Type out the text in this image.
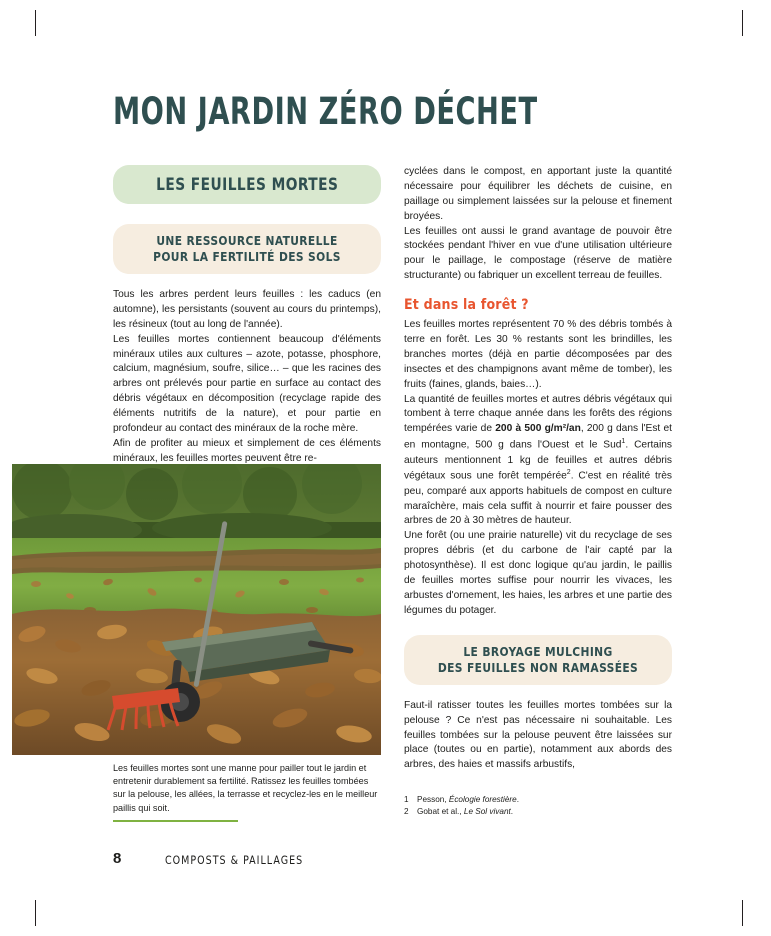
MON JARDIN ZÉRO DÉCHET
LES FEUILLES MORTES
UNE RESSOURCE NATURELLE
POUR LA FERTILITÉ DES SOLS

Tous les arbres perdent leurs feuilles : les caducs (en automne), les persistants (souvent au cours du printemps), les résineux (tout au long de l'année).

Les feuilles mortes contiennent beaucoup d'éléments minéraux utiles aux cultures – azote, potasse, phosphore, calcium, magnésium, soufre, silice… – que les racines des arbres ont prélevés pour partie en surface au contact des débris végétaux en décomposition (recyclage rapide des éléments nutritifs de la nature), et pour partie en profondeur au contact des minéraux de la roche mère.

Afin de profiter au mieux et simplement de ces éléments minéraux, les feuilles mortes peuvent être re-

Les feuilles mortes sont une manne pour pailler tout le jardin et entretenir durablement sa fertilité. Ratissez les feuilles tombées sur la pelouse, les allées, la terrasse et recyclez-les en le meilleur paillis qui soit.

cyclées dans le compost, en apportant juste la quantité nécessaire pour équilibrer les déchets de cuisine, en paillage ou simplement laissées sur la pelouse et finement broyées.

Les feuilles ont aussi le grand avantage de pouvoir être stockées pendant l'hiver en vue d'une utilisation ultérieure pour le paillage, le compostage (réserve de matière structurante) ou fabriquer un excellent terreau de feuilles.

Et dans la forêt ?

Les feuilles mortes représentent 70 % des débris tombés à terre en forêt. Les 30 % restants sont les brindilles, les branches mortes (déjà en partie décomposées par des insectes et des champignons avant même de tomber), les fruits (faines, glands, baies…).

La quantité de feuilles mortes et autres débris végétaux qui tombent à terre chaque année dans les forêts des régions tempérées varie de 200 à 500 g/m²/an, 200 g dans l'Est et en montagne, 500 g dans l'Ouest et le Sud$^1$. Certains auteurs mentionnent 1 kg de feuilles et autres débris végétaux sous une forêt tempérée$^2$. C'est en réalité très peu, comparé aux apports habituels de compost en culture maraîchère, mais cela suffit à nourrir et faire pousser des arbres de 20 à 30 mètres de hauteur.

Une forêt (ou une prairie naturelle) vit du recyclage de ses propres débris (et du carbone de l'air capté par la photosynthèse). Il est donc logique qu'au jardin, le paillis de feuilles mortes suffise pour nourrir les vivaces, les arbustes d'ornement, les haies, les arbres et une partie des légumes du potager.

LE BROYAGE MULCHING
DES FEUILLES NON RAMASSÉES

Faut-il ratisser toutes les feuilles mortes tombées sur la pelouse ? Ce n'est pas nécessaire ni souhaitable. Les feuilles tombées sur la pelouse peuvent être laissées sur place (toutes ou en partie), notamment aux abords des arbres, des haies et massifs arbustifs,

1 Pesson, Écologie forestière.
2 Gobat et al., Le Sol vivant.
8	COMPOSTS & PAILLAGES
